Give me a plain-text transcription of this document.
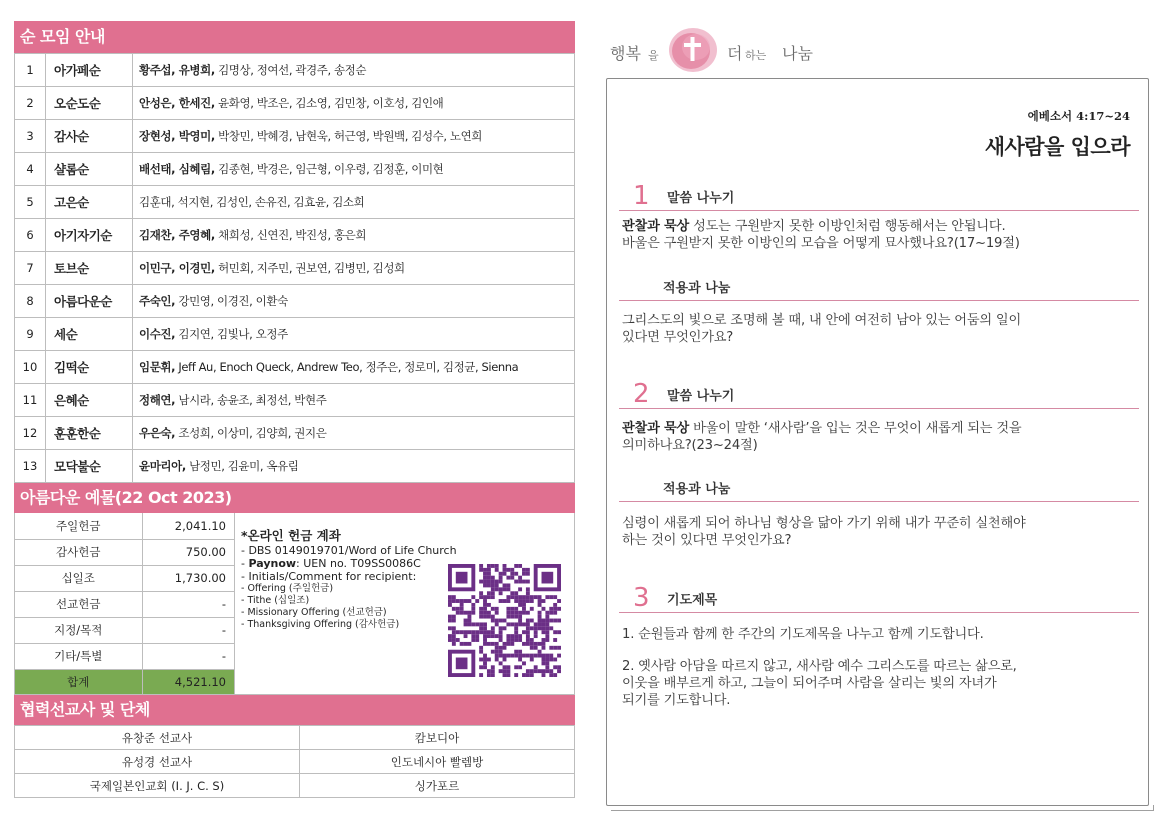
순 모임 안내
1	아가페순	황주섭, 유병희, 김명상, 정여선, 곽경주, 송정순
2	오순도순	안성은, 한세진, 윤화영, 박조은, 김소영, 김민창, 이호성, 김인애
3	감사순	장현성, 박영미, 박창민, 박혜경, 남현욱, 허근영, 박원백, 김성수, 노연희
4	샬롬순	배선태, 심혜림, 김종현, 박경은, 임근형, 이우령, 김정훈, 이미현
5	고은순	김훈대, 석지현, 김성인, 손유진, 김효윤, 김소희
6	아기자기순	김재찬, 주영혜, 채희성, 신연진, 박진성, 홍은희
7	토브순	이민구, 이경민, 허민회, 지주민, 권보연, 김병민, 김성희
8	아름다운순	주숙인, 강민영, 이경진, 이환숙
9	세순	이수진, 김지연, 김빛나, 오정주
10	김떡순	임문휘, Jeff Au, Enoch Queck, Andrew Teo, 정주은, 정로미, 김정균, Sienna
11	은혜순	정해연, 남시라, 송윤조, 최정선, 박현주
12	훈훈한순	우은숙, 조성희, 이상미, 김양희, 권지은
13	모닥불순	윤마리아, 남정민, 김윤미, 옥유림
아름다운 예물(22 Oct 2023)
주일헌금	2,041.10
감사헌금	750.00
십일조	1,730.00
선교헌금	-
지정/목적	-
기타/특별	-
합계	4,521.10
*온라인 헌금 계좌
- DBS 0149019701/Word of Life Church
- Paynow: UEN no. T09SS0086C
- Initials/Comment for recipient:
- Offering (주일헌금)
- Tithe (십일조)
- Missionary Offering (선교헌금)
- Thanksgiving Offering (감사헌금)
협력선교사 및 단체
유창준 선교사	캄보디아
유성경 선교사	인도네시아 빨렘방
국제일본인교회 (I. J. C. S)	싱가포르
행복 을	더 하는 나눔
에베소서 4:17~24
새사람을 입으라
1 말씀 나누기
관찰과 묵상 성도는 구원받지 못한 이방인처럼 행동해서는 안됩니다.
바울은 구원받지 못한 이방인의 모습을 어떻게 묘사했나요?(17~19절)
적용과 나눔
그리스도의 빛으로 조명해 볼 때, 내 안에 여전히 남아 있는 어둠의 일이
있다면 무엇인가요?
2 말씀 나누기
관찰과 묵상 바울이 말한 ‘새사람’을 입는 것은 무엇이 새롭게 되는 것을
의미하나요?(23~24절)
적용과 나눔
심령이 새롭게 되어 하나님 형상을 닮아 가기 위해 내가 꾸준히 실천해야
하는 것이 있다면 무엇인가요?
3 기도제목
1. 순원들과 함께 한 주간의 기도제목을 나누고 함께 기도합니다.
2. 옛사람 아담을 따르지 않고, 새사람 예수 그리스도를 따르는 삶으로,
이웃을 배부르게 하고, 그늘이 되어주며 사람을 살리는 빛의 자녀가
되기를 기도합니다.
